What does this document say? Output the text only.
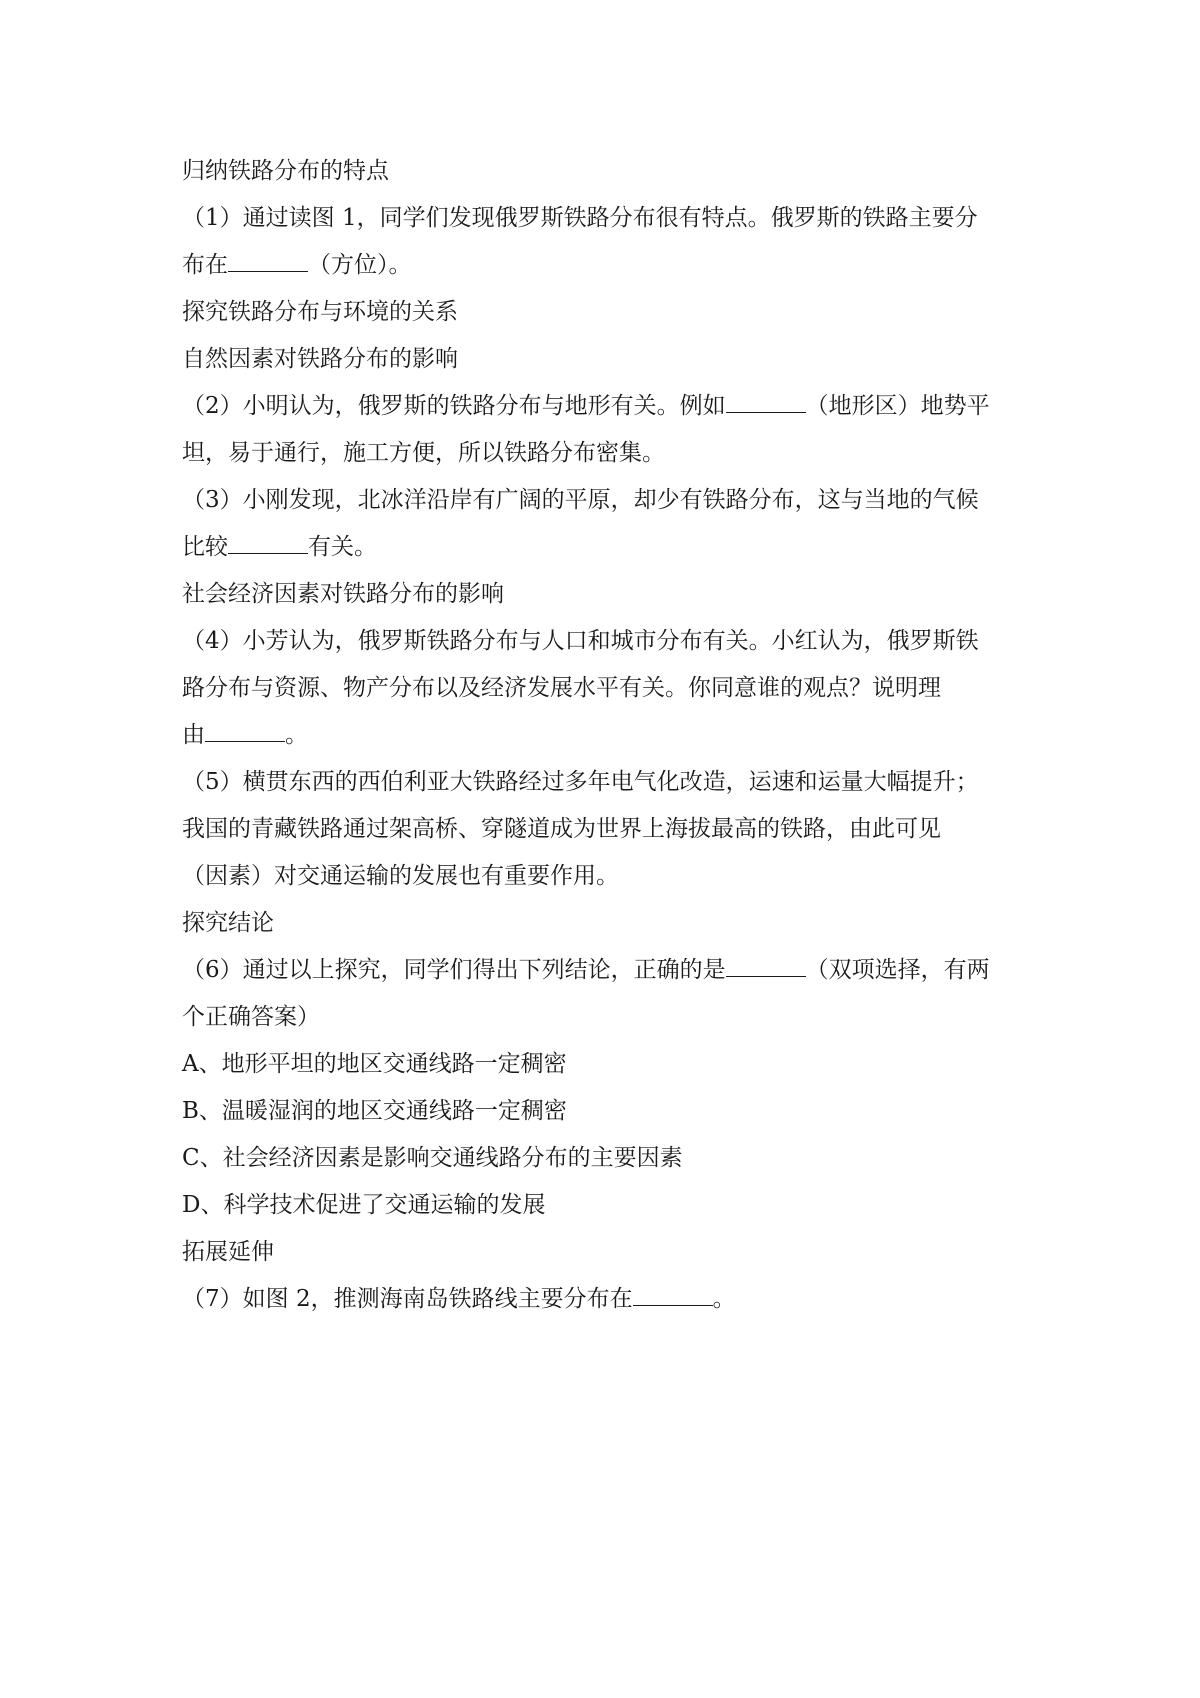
归纳铁路分布的特点
（1）通过读图 1，同学们发现俄罗斯铁路分布很有特点。俄罗斯的铁路主要分
布在	（方位）。
探究铁路分布与环境的关系
自然因素对铁路分布的影响
（2）小明认为，俄罗斯的铁路分布与地形有关。例如	（地形区）地势平
坦，易于通行，施工方便，所以铁路分布密集。
（3）小刚发现，北冰洋沿岸有广阔的平原，却少有铁路分布，这与当地的气候
比较	有关。
社会经济因素对铁路分布的影响
（4）小芳认为，俄罗斯铁路分布与人口和城市分布有关。小红认为，俄罗斯铁
路分布与资源、物产分布以及经济发展水平有关。你同意谁的观点？说明理
由	。
（5）横贯东西的西伯利亚大铁路经过多年电气化改造，运速和运量大幅提升；
我国的青藏铁路通过架高桥、穿隧道成为世界上海拔最高的铁路，由此可见
（因素）对交通运输的发展也有重要作用。
探究结论
（6）通过以上探究，同学们得出下列结论，正确的是	（双项选择，有两
个正确答案）
A、地形平坦的地区交通线路一定稠密
B、温暖湿润的地区交通线路一定稠密
C、社会经济因素是影响交通线路分布的主要因素
D、科学技术促进了交通运输的发展
拓展延伸
（7）如图 2，推测海南岛铁路线主要分布在	。
